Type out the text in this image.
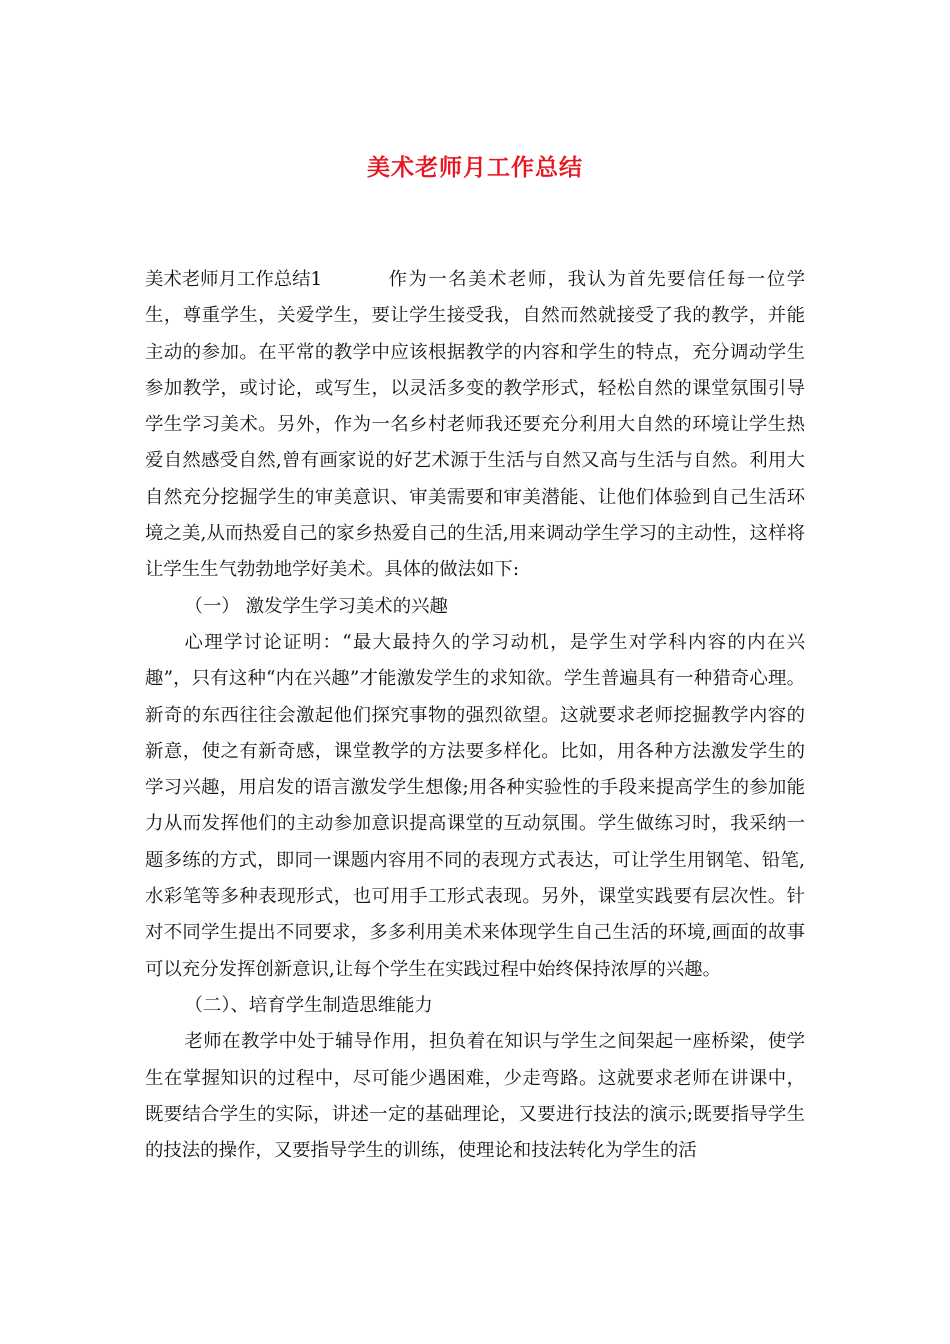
美术老师月工作总结

美术老师月工作总结1	作为一名美术老师，我认为首先要信任每一位学生，尊重学生，关爱学生，要让学生接受我，自然而然就接受了我的教学，并能主动的参加。在平常的教学中应该根据教学的内容和学生的特点，充分调动学生参加教学，或讨论，或写生，以灵活多变的教学形式，轻松自然的课堂氛围引导学生学习美术。另外，作为一名乡村老师我还要充分利用大自然的环境让学生热爱自然感受自然,曾有画家说的好艺术源于生活与自然又高与生活与自然。利用大自然充分挖掘学生的审美意识、审美需要和审美潜能、让他们体验到自己生活环境之美,从而热爱自己的家乡热爱自己的生活,用来调动学生学习的主动性，这样将让学生生气勃勃地学好美术。具体的做法如下:

（一） 激发学生学习美术的兴趣

心理学讨论证明：“最大最持久的学习动机，是学生对学科内容的内在兴趣”，只有这种“内在兴趣”才能激发学生的求知欲。学生普遍具有一种猎奇心理。新奇的东西往往会激起他们探究事物的强烈欲望。这就要求老师挖掘教学内容的新意，使之有新奇感，课堂教学的方法要多样化。比如，用各种方法激发学生的学习兴趣，用启发的语言激发学生想像;用各种实验性的手段来提高学生的参加能力从而发挥他们的主动参加意识提高课堂的互动氛围。学生做练习时，我采纳一题多练的方式，即同一课题内容用不同的表现方式表达，可让学生用钢笔、铅笔,水彩笔等多种表现形式，也可用手工形式表现。另外，课堂实践要有层次性。针对不同学生提出不同要求，多多利用美术来体现学生自己生活的环境,画面的故事可以充分发挥创新意识,让每个学生在实践过程中始终保持浓厚的兴趣。

（二）、培育学生制造思维能力

老师在教学中处于辅导作用，担负着在知识与学生之间架起一座桥梁，使学生在掌握知识的过程中，尽可能少遇困难，少走弯路。这就要求老师在讲课中，既要结合学生的实际，讲述一定的基础理论，又要进行技法的演示;既要指导学生的技法的操作，又要指导学生的训练，使理论和技法转化为学生的活
